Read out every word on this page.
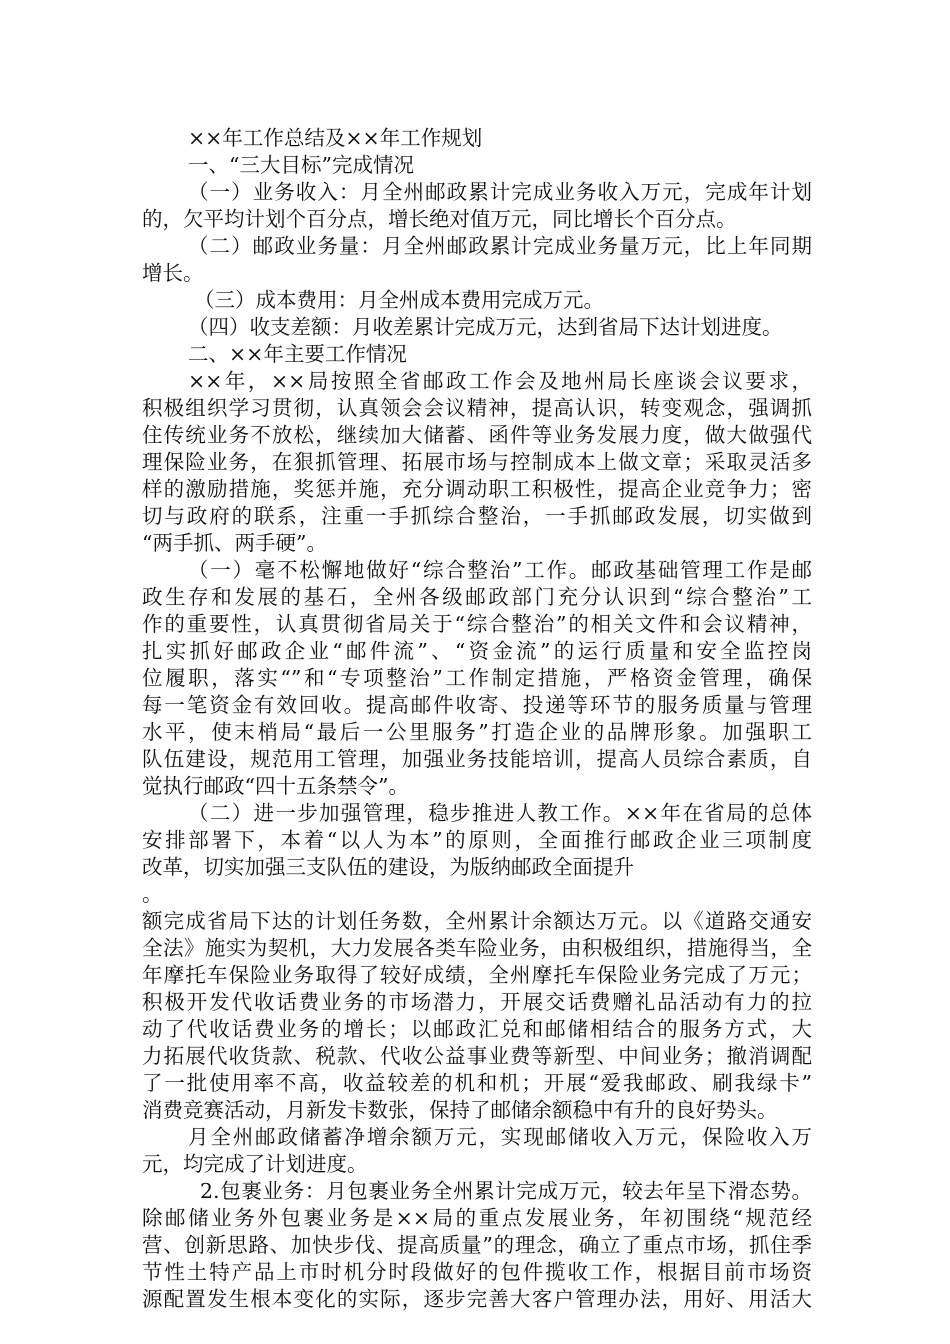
××年工作总结及××年工作规划
一、“三大目标”完成情况
（一）业务收入：月全州邮政累计完成业务收入万元，完成年计划
的，欠平均计划个百分点，增长绝对值万元，同比增长个百分点。
（二）邮政业务量：月全州邮政累计完成业务量万元，比上年同期
增长。
（三）成本费用：月全州成本费用完成万元。
（四）收支差额：月收差累计完成万元，达到省局下达计划进度。
二、××年主要工作情况
××年，××局按照全省邮政工作会及地州局长座谈会议要求，
积极组织学习贯彻，认真领会会议精神，提高认识，转变观念，强调抓
住传统业务不放松，继续加大储蓄、函件等业务发展力度，做大做强代
理保险业务，在狠抓管理、拓展市场与控制成本上做文章；采取灵活多
样的激励措施，奖惩并施，充分调动职工积极性，提高企业竞争力；密
切与政府的联系，注重一手抓综合整治，一手抓邮政发展，切实做到
“两手抓、两手硬”。
（一）毫不松懈地做好“综合整治”工作。邮政基础管理工作是邮
政生存和发展的基石，全州各级邮政部门充分认识到“综合整治”工
作的重要性，认真贯彻省局关于“综合整治”的相关文件和会议精神，
扎实抓好邮政企业“邮件流”、“资金流”的运行质量和安全监控岗
位履职，落实“”和“专项整治”工作制定措施，严格资金管理，确保
每一笔资金有效回收。提高邮件收寄、投递等环节的服务质量与管理
水平，使末梢局“最后一公里服务”打造企业的品牌形象。加强职工
队伍建设，规范用工管理，加强业务技能培训，提高人员综合素质，自
觉执行邮政“四十五条禁令”。
（二）进一步加强管理，稳步推进人教工作。××年在省局的总体
安排部署下，本着“以人为本”的原则，全面推行邮政企业三项制度
改革，切实加强三支队伍的建设，为版纳邮政全面提升
。
额完成省局下达的计划任务数，全州累计余额达万元。以《道路交通安
全法》施实为契机，大力发展各类车险业务，由积极组织，措施得当，全
年摩托车保险业务取得了较好成绩，全州摩托车保险业务完成了万元；
积极开发代收话费业务的市场潜力，开展交话费赠礼品活动有力的拉
动了代收话费业务的增长；以邮政汇兑和邮储相结合的服务方式，大
力拓展代收货款、税款、代收公益事业费等新型、中间业务；撤消调配
了一批使用率不高，收益较差的机和机；开展“爱我邮政、刷我绿卡”
消费竞赛活动，月新发卡数张，保持了邮储余额稳中有升的良好势头。
月全州邮政储蓄净增余额万元，实现邮储收入万元，保险收入万
元，均完成了计划进度。
2.包裹业务：月包裹业务全州累计完成万元，较去年呈下滑态势。
除邮储业务外包裹业务是××局的重点发展业务，年初围绕“规范经
营、创新思路、加快步伐、提高质量”的理念，确立了重点市场，抓住季
节性土特产品上市时机分时段做好的包件揽收工作，根据目前市场资
源配置发生根本变化的实际，逐步完善大客户管理办法，用好、用活大
